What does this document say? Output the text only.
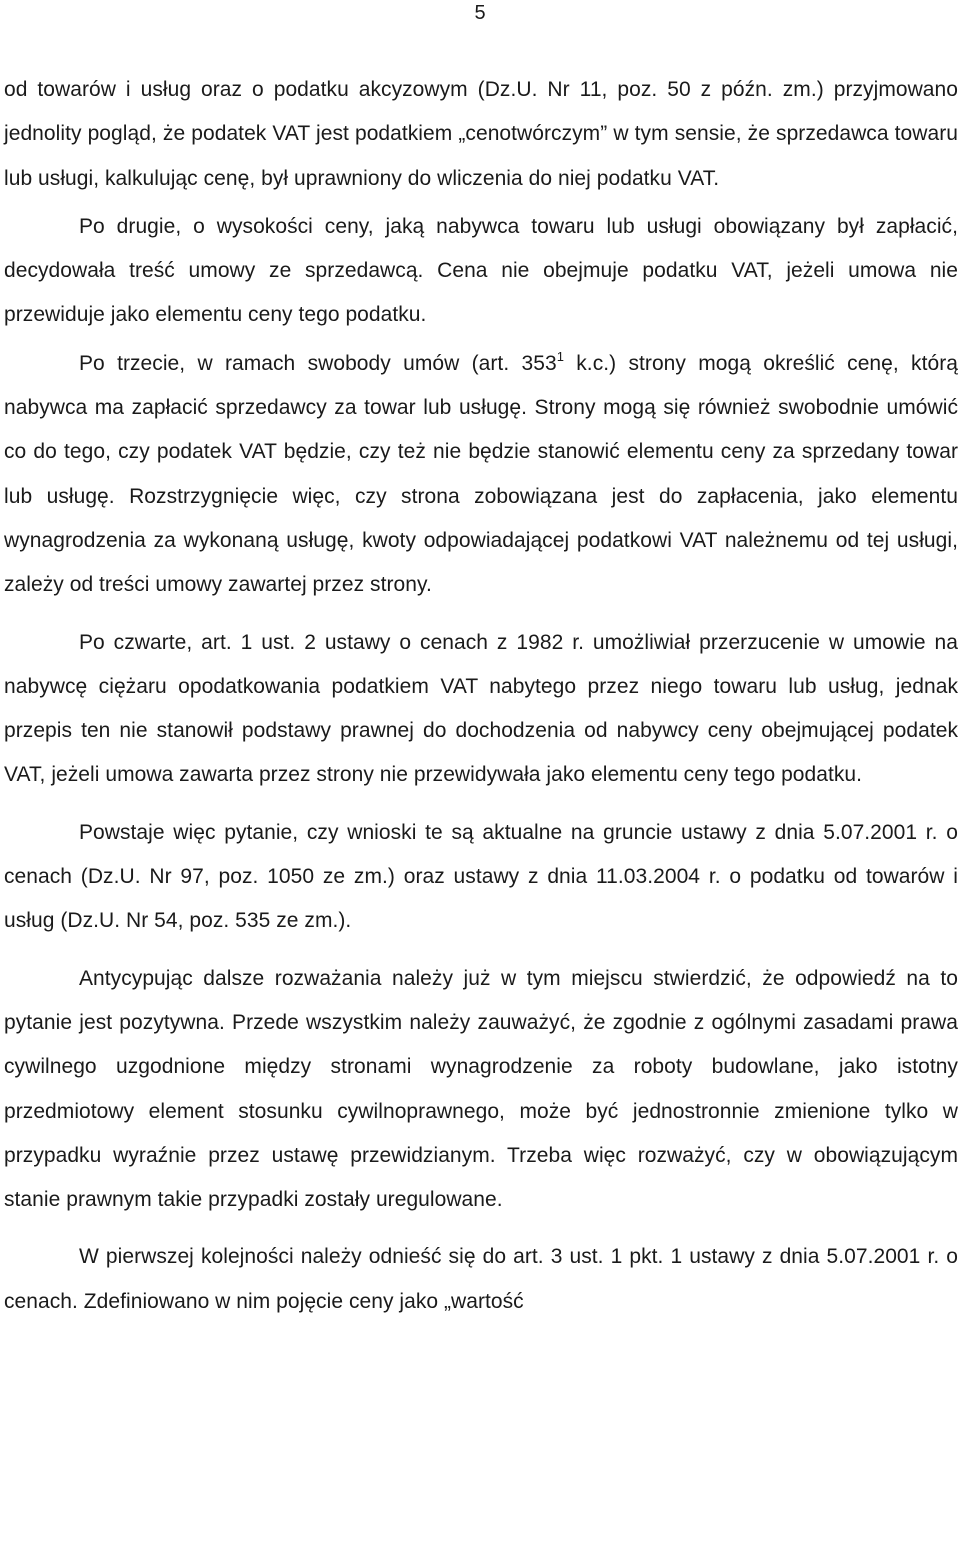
5

od towarów i usług oraz o podatku akcyzowym (Dz.U. Nr 11, poz. 50 z późn. zm.) przyjmowano jednolity pogląd, że podatek VAT jest podatkiem „cenotwórczym” w tym sensie, że sprzedawca towaru lub usługi, kalkulując cenę, był uprawniony do wliczenia do niej podatku VAT.

Po drugie, o wysokości ceny, jaką nabywca towaru lub usługi obowiązany był zapłacić, decydowała treść umowy ze sprzedawcą. Cena nie obejmuje podatku VAT, jeżeli umowa nie przewiduje jako elementu ceny tego podatku.

Po trzecie, w ramach swobody umów (art. $353^1$ k.c.) strony mogą określić cenę, którą nabywca ma zapłacić sprzedawcy za towar lub usługę. Strony mogą się również swobodnie umówić co do tego, czy podatek VAT będzie, czy też nie będzie stanowić elementu ceny za sprzedany towar lub usługę. Rozstrzygnięcie więc, czy strona zobowiązana jest do zapłacenia, jako elementu wynagrodzenia za wykonaną usługę, kwoty odpowiadającej podatkowi VAT należnemu od tej usługi, zależy od treści umowy zawartej przez strony.

Po czwarte, art. 1 ust. 2 ustawy o cenach z 1982 r. umożliwiał przerzucenie w umowie na nabywcę ciężaru opodatkowania podatkiem VAT nabytego przez niego towaru lub usług, jednak przepis ten nie stanowił podstawy prawnej do dochodzenia od nabywcy ceny obejmującej podatek VAT, jeżeli umowa zawarta przez strony nie przewidywała jako elementu ceny tego podatku.

Powstaje więc pytanie, czy wnioski te są aktualne na gruncie ustawy z dnia 5.07.2001 r. o cenach (Dz.U. Nr 97, poz. 1050 ze zm.) oraz ustawy z dnia 11.03.2004 r. o podatku od towarów i usług (Dz.U. Nr 54, poz. 535 ze zm.).

Antycypując dalsze rozważania należy już w tym miejscu stwierdzić, że odpowiedź na to pytanie jest pozytywna. Przede wszystkim należy zauważyć, że zgodnie z ogólnymi zasadami prawa cywilnego uzgodnione między stronami wynagrodzenie za roboty budowlane, jako istotny przedmiotowy element stosunku cywilnoprawnego, może być jednostronnie zmienione tylko w przypadku wyraźnie przez ustawę przewidzianym. Trzeba więc rozważyć, czy w obowiązującym stanie prawnym takie przypadki zostały uregulowane.

W pierwszej kolejności należy odnieść się do art. 3 ust. 1 pkt. 1 ustawy z dnia 5.07.2001 r. o cenach. Zdefiniowano w nim pojęcie ceny jako „wartość
